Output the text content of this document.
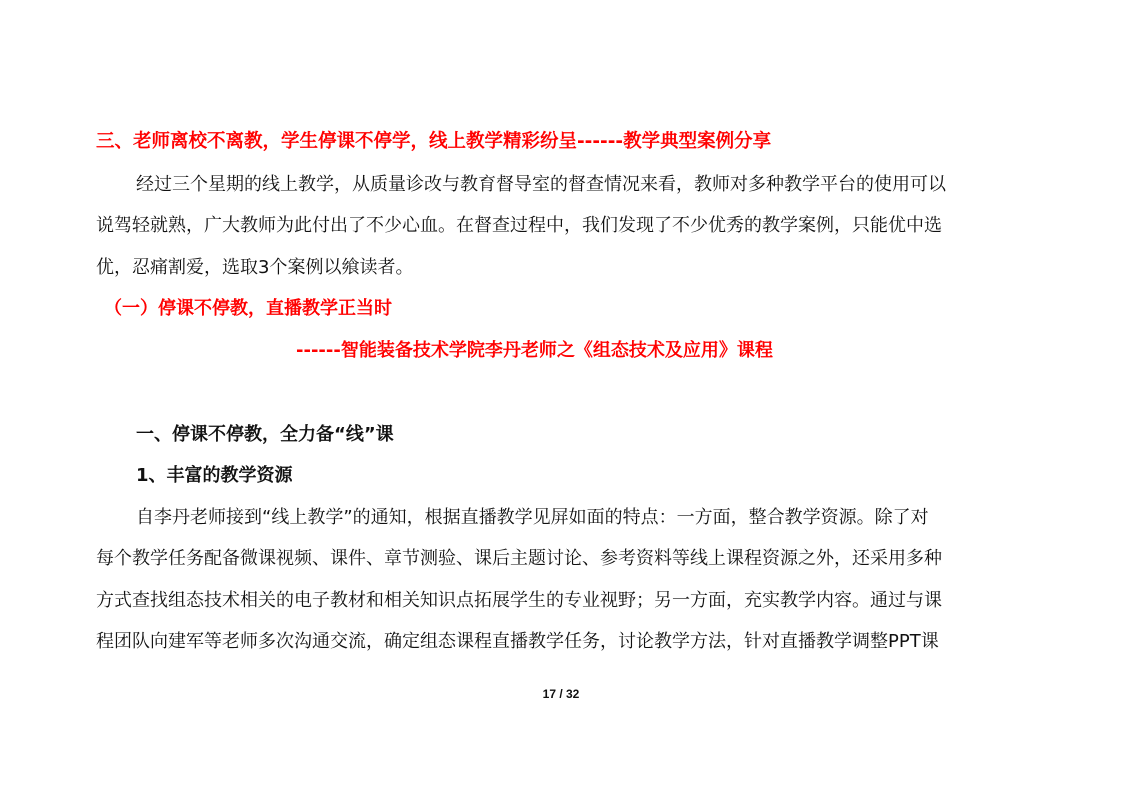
三、老师离校不离教，学生停课不停学，线上教学精彩纷呈------教学典型案例分享
经过三个星期的线上教学，从质量诊改与教育督导室的督查情况来看，教师对多种教学平台的使用可以
说驾轻就熟，广大教师为此付出了不少心血。在督查过程中，我们发现了不少优秀的教学案例，只能优中选
优，忍痛割爱，选取3个案例以飨读者。
（一）停课不停教，直播教学正当时
------智能装备技术学院李丹老师之《组态技术及应用》课程
一、停课不停教，全力备“线”课
1、丰富的教学资源
自李丹老师接到“线上教学”的通知，根据直播教学见屏如面的特点：一方面，整合教学资源。除了对
每个教学任务配备微课视频、课件、章节测验、课后主题讨论、参考资料等线上课程资源之外，还采用多种
方式查找组态技术相关的电子教材和相关知识点拓展学生的专业视野；另一方面，充实教学内容。通过与课
程团队向建军等老师多次沟通交流，确定组态课程直播教学任务，讨论教学方法，针对直播教学调整PPT课
17 / 32
